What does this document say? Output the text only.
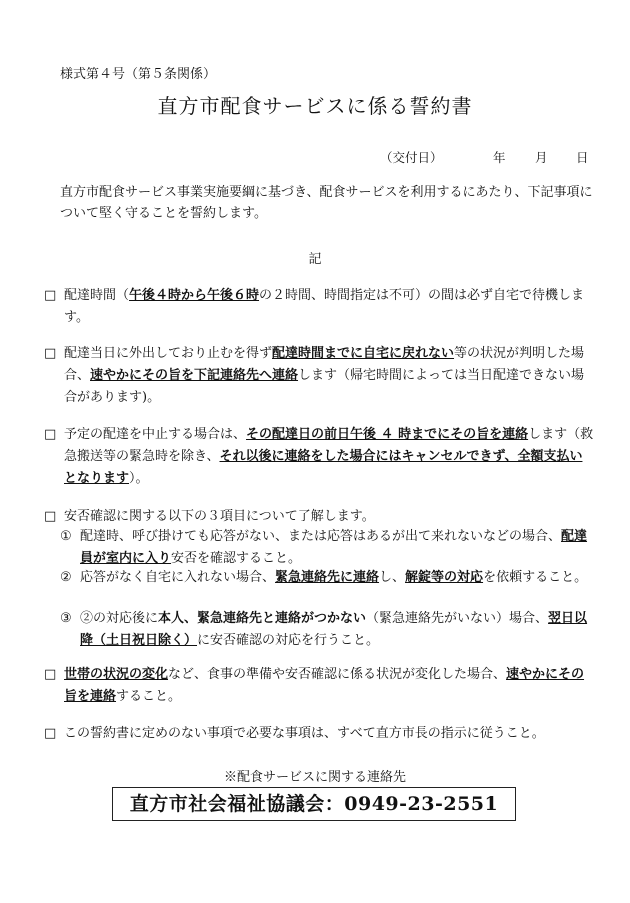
様式第４号（第５条関係）
直方市配食サービスに係る誓約書
（交付日）	年 月 日
直方市配食サービス事業実施要綱に基づき、配食サービスを利用するにあたり、下記事項について堅く守ることを誓約します。
記
□ 配達時間（午後４時から午後６時の２時間、時間指定は不可）の間は必ず自宅で待機します。
□ 配達当日に外出しており止むを得ず配達時間までに自宅に戻れない等の状況が判明した場合、速やかにその旨を下記連絡先へ連絡します（帰宅時間によっては当日配達できない場合があります)。
□ 予定の配達を中止する場合は、その配達日の前日午後 ４ 時までにその旨を連絡します（救急搬送等の緊急時を除き、それ以後に連絡をした場合にはキャンセルできず、全額支払いとなります）。
□ 安否確認に関する以下の３項目について了解します。
① 配達時、呼び掛けても応答がない、または応答はあるが出て来れないなどの場合、配達員が室内に入り安否を確認すること。
② 応答がなく自宅に入れない場合、緊急連絡先に連絡し、解錠等の対応を依頼すること。
③ ②の対応後に本人、緊急連絡先と連絡がつかない（緊急連絡先がいない）場合、翌日以降（土日祝日除く）に安否確認の対応を行うこと。
□ 世帯の状況の変化など、食事の準備や安否確認に係る状況が変化した場合、速やかにその旨を連絡すること。
□ この誓約書に定めのない事項で必要な事項は、すべて直方市長の指示に従うこと。
※配食サービスに関する連絡先
直方市社会福祉協議会：0949-23-2551
